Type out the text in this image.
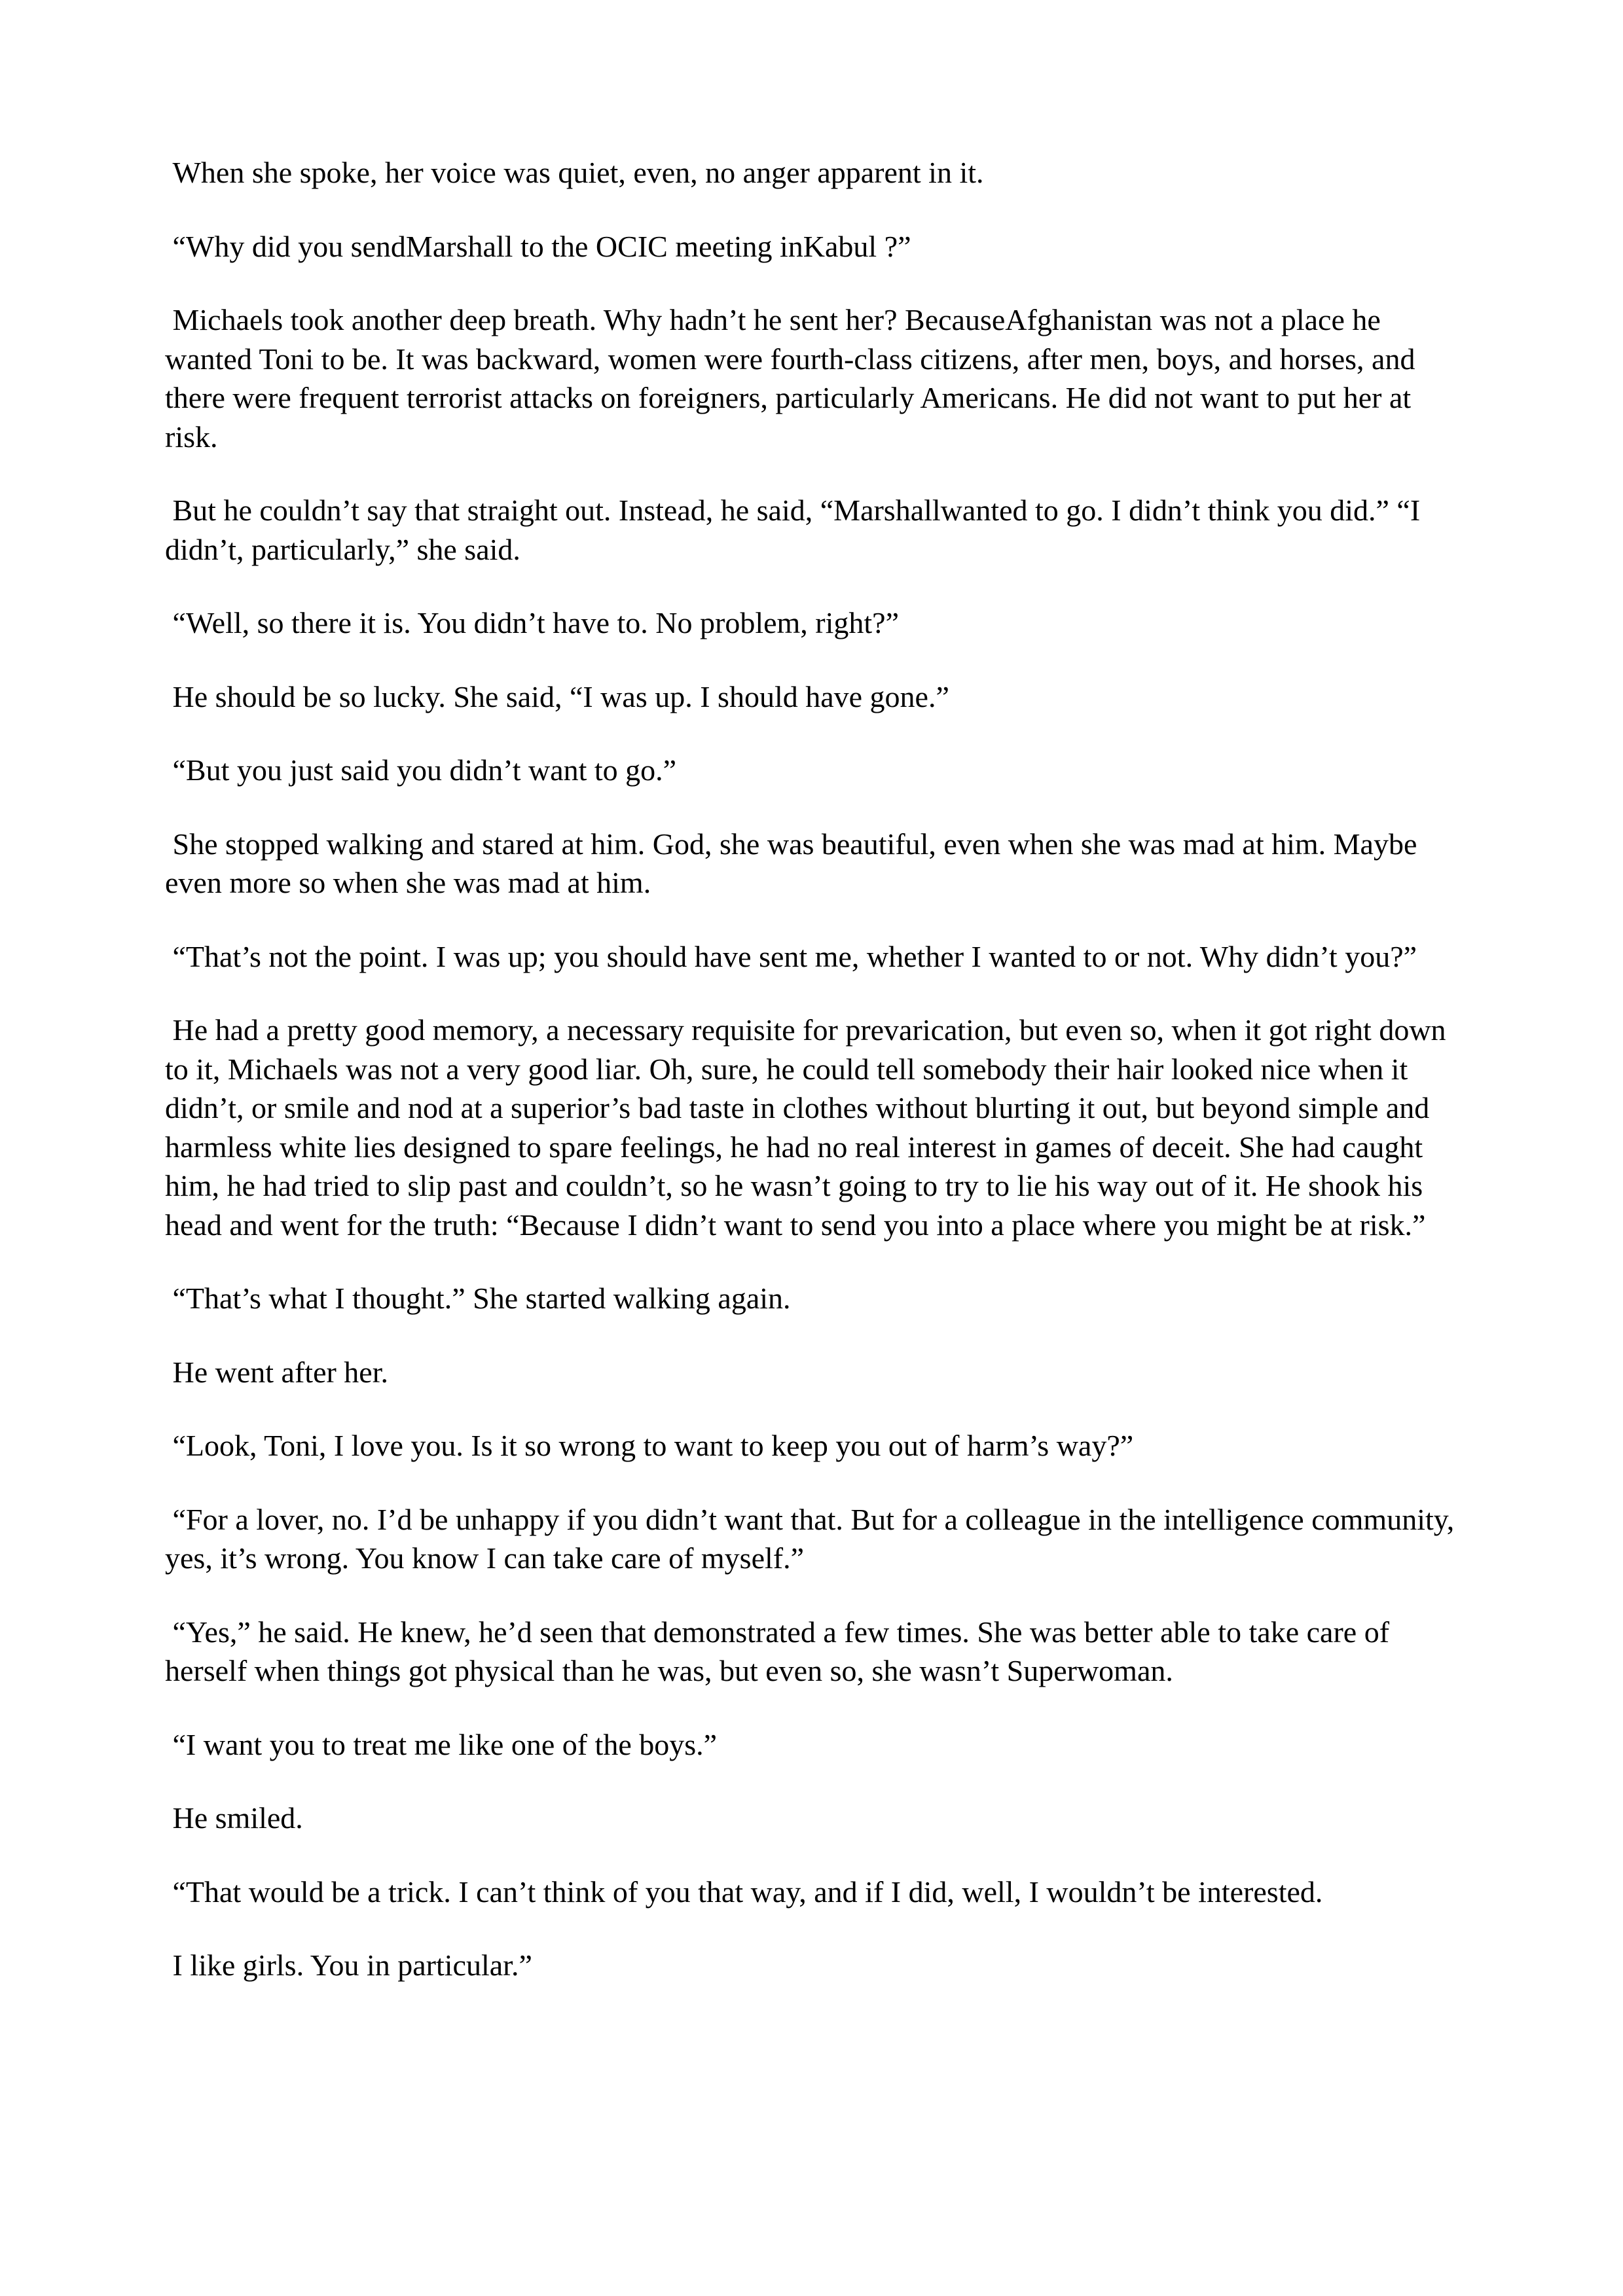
When she spoke, her voice was quiet, even, no anger apparent in it.

“Why did you sendMarshall to the OCIC meeting inKabul ?”

Michaels took another deep breath. Why hadn’t he sent her? BecauseAfghanistan was not a place he wanted Toni to be. It was backward, women were fourth-class citizens, after men, boys, and horses, and there were frequent terrorist attacks on foreigners, particularly Americans. He did not want to put her at risk.

But he couldn’t say that straight out. Instead, he said, “Marshallwanted to go. I didn’t think you did.” “I didn’t, particularly,” she said.

“Well, so there it is. You didn’t have to. No problem, right?”

He should be so lucky. She said, “I was up. I should have gone.”

“But you just said you didn’t want to go.”

She stopped walking and stared at him. God, she was beautiful, even when she was mad at him. Maybe even more so when she was mad at him.

“That’s not the point. I was up; you should have sent me, whether I wanted to or not. Why didn’t you?”

He had a pretty good memory, a necessary requisite for prevarication, but even so, when it got right down to it, Michaels was not a very good liar. Oh, sure, he could tell somebody their hair looked nice when it didn’t, or smile and nod at a superior’s bad taste in clothes without blurting it out, but beyond simple and harmless white lies designed to spare feelings, he had no real interest in games of deceit. She had caught him, he had tried to slip past and couldn’t, so he wasn’t going to try to lie his way out of it. He shook his head and went for the truth: “Because I didn’t want to send you into a place where you might be at risk.”

“That’s what I thought.” She started walking again.

He went after her.

“Look, Toni, I love you. Is it so wrong to want to keep you out of harm’s way?”

“For a lover, no. I’d be unhappy if you didn’t want that. But for a colleague in the intelligence community, yes, it’s wrong. You know I can take care of myself.”

“Yes,” he said. He knew, he’d seen that demonstrated a few times. She was better able to take care of herself when things got physical than he was, but even so, she wasn’t Superwoman.

“I want you to treat me like one of the boys.”

He smiled.

“That would be a trick. I can’t think of you that way, and if I did, well, I wouldn’t be interested.

I like girls. You in particular.”
